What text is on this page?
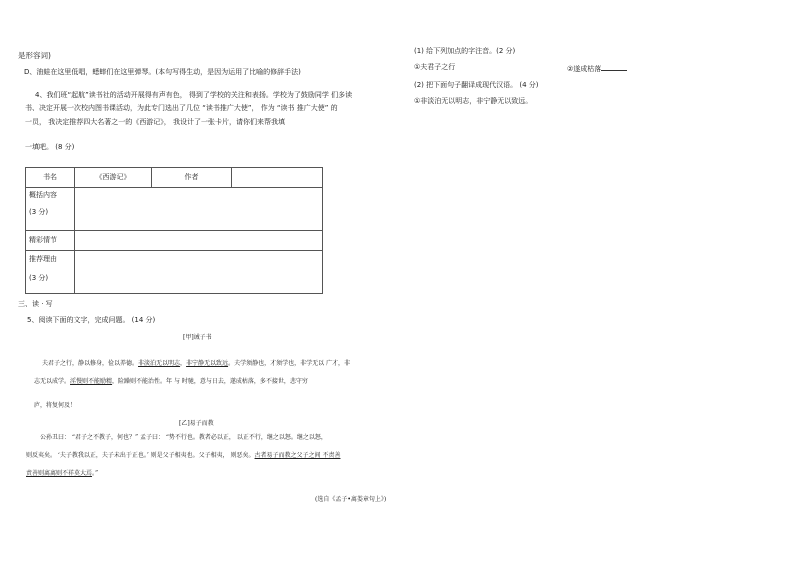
是形容词)
D、油蛙在这里低唱，蟋蟀们在这里弹琴。(本句写得生动，是因为运用了比喻的修辞手法)
4、我们班“起航”读书社的活动开展得有声有色， 得到了学校的关注和表扬。学校为了鼓励同学 们多读
书、决定开展一次校内图书课活动，为此专门选出了几位 “读书推广大使”， 作为 “读书 推广大使” 的
一员， 我决定推荐四大名著之一的《西游记》， 我设计了一张卡片，请你们来帮我填
一填吧。 (8 分)
书名	《西游记》	作者	

概括内容
(3 分)			

精彩情节			

推荐理由
(3 分)			

三、读 · 写
5、阅读下面的文字，完成问题。 (14 分)
[甲]诫子书
夫君子之行，静以修身，俭以养德。非淡泊无以明志，非宁静无以致远。夫学须静也，才须学也，非学无以 广才，非
志无以成学。淫慢则不能励精，险躁则不能治性。年 与 时驰，意与日去，遂成枯落，多不接世，悲守穷
庐，将复何及！
[乙]易子而教
公孙丑曰： “君子之不教子，何也？” 孟子曰： “势不行也。教者必以正， 以正不行，继之以怒。继之以怒，
则反夷矣。 ‘夫子教我以正，夫子未出于正也。’ 则是父子相夷也。父子相夷， 则恶矣。古者易子而教之父子之间 不责善
责善则离离则不祥莫大焉。”
(选自《孟子•离娄章句上》)
(1) 给下列加点的字注音。(2 分)
①夫君子之行	②遂成枯落
(2) 把下面句子翻译成现代汉语。 (4 分)
①非淡泊无以明志，非宁静无以致远。
